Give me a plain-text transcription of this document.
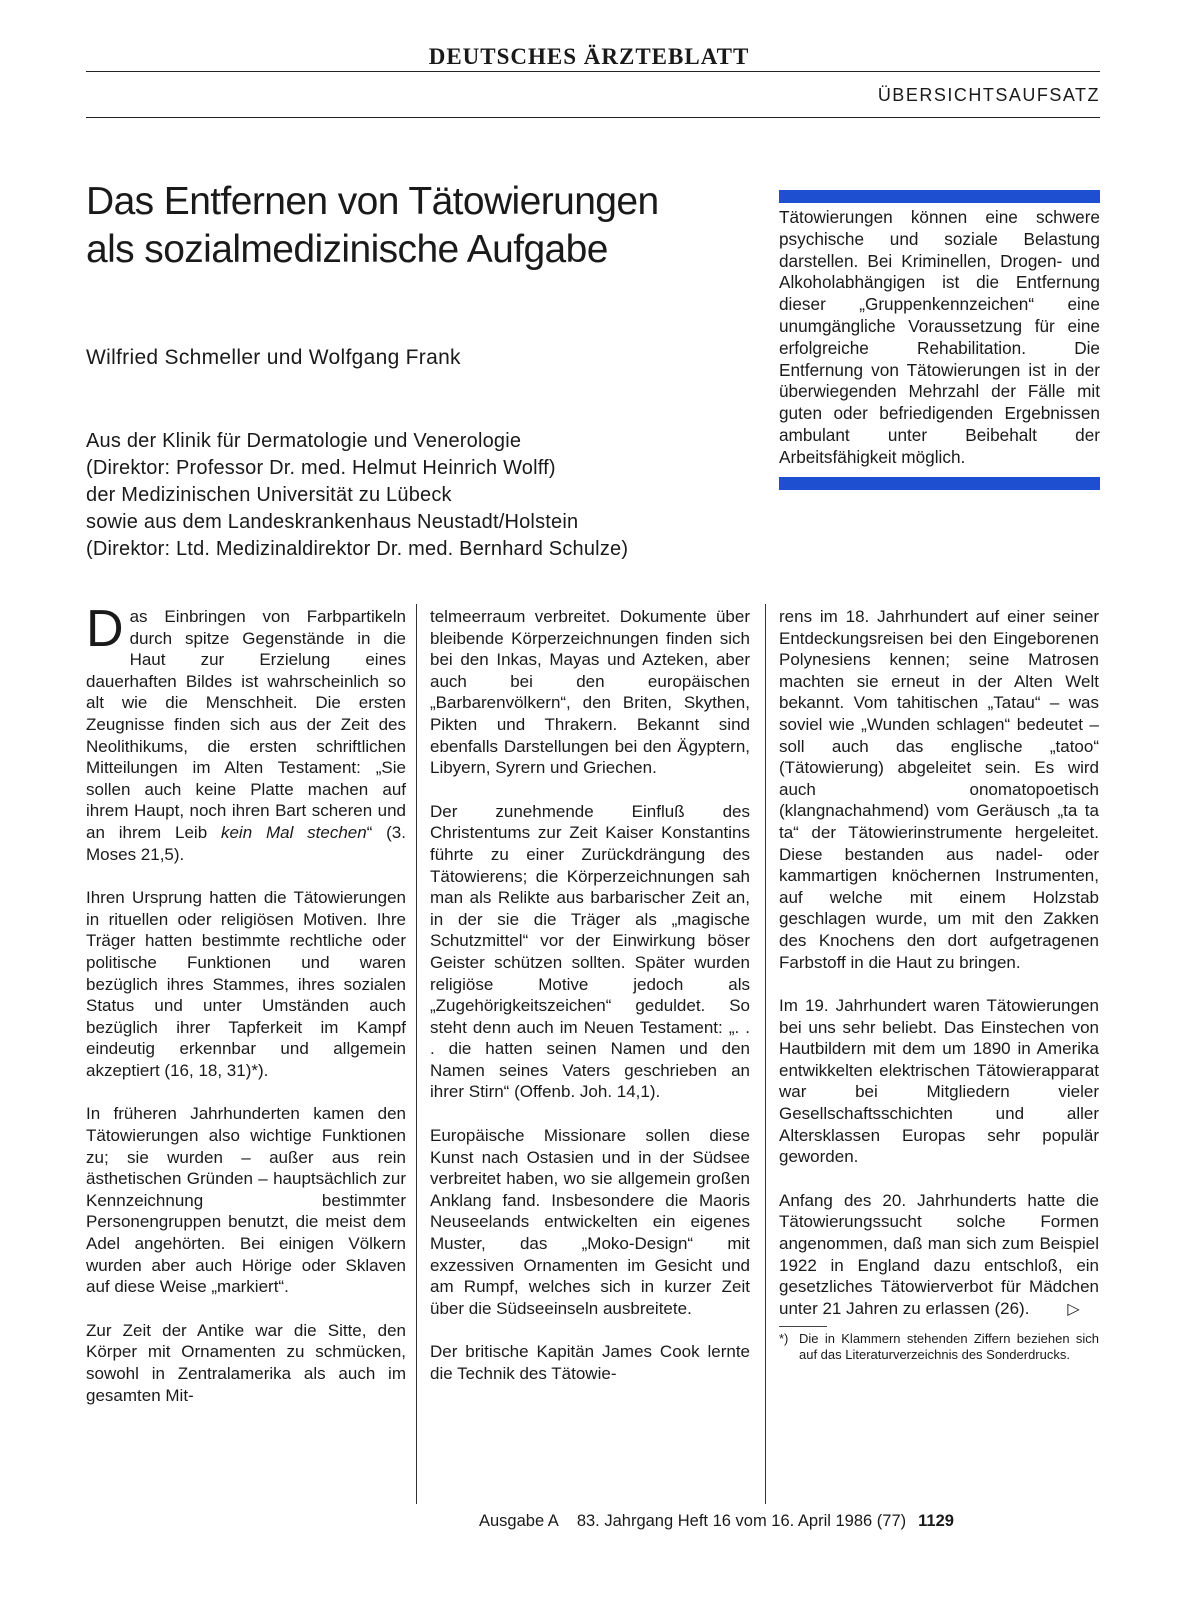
DEUTSCHES ÄRZTEBLATT
ÜBERSICHTSAUFSATZ
Das Entfernen von Tätowierungen
als sozialmedizinische Aufgabe
Wilfried Schmeller und Wolfgang Frank
Aus der Klinik für Dermatologie und Venerologie
(Direktor: Professor Dr. med. Helmut Heinrich Wolff)
der Medizinischen Universität zu Lübeck
sowie aus dem Landeskrankenhaus Neustadt/Holstein
(Direktor: Ltd. Medizinaldirektor Dr. med. Bernhard Schulze)

Tätowierungen können eine schwere psychische und soziale Belastung darstellen. Bei Kriminellen, Drogen- und Alkoholabhängigen ist die Entfernung dieser „Gruppenkennzeichen“ eine unumgängliche Voraussetzung für eine erfolgreiche Rehabilitation. Die Entfernung von Tätowierungen ist in der überwiegenden Mehrzahl der Fälle mit guten oder befriedigenden Ergebnissen ambulant unter Beibehalt der Arbeitsfähigkeit möglich.

Das Einbringen von Farbpartikeln durch spitze Gegenstände in die Haut zur Erzielung eines dauerhaften Bildes ist wahrscheinlich so alt wie die Menschheit. Die ersten Zeugnisse finden sich aus der Zeit des Neolithikums, die ersten schriftlichen Mitteilungen im Alten Testament: „Sie sollen auch keine Platte machen auf ihrem Haupt, noch ihren Bart scheren und an ihrem Leib kein Mal stechen“ (3. Moses 21,5).

Ihren Ursprung hatten die Tätowierungen in rituellen oder religiösen Motiven. Ihre Träger hatten bestimmte rechtliche oder politische Funktionen und waren bezüglich ihres Stammes, ihres sozialen Status und unter Umständen auch bezüglich ihrer Tapferkeit im Kampf eindeutig erkennbar und allgemein akzeptiert (16, 18, 31)*).

In früheren Jahrhunderten kamen den Tätowierungen also wichtige Funktionen zu; sie wurden – außer aus rein ästhetischen Gründen – hauptsächlich zur Kennzeichnung bestimmter Personengruppen benutzt, die meist dem Adel angehörten. Bei einigen Völkern wurden aber auch Hörige oder Sklaven auf diese Weise „markiert“.

Zur Zeit der Antike war die Sitte, den Körper mit Ornamenten zu schmücken, sowohl in Zentralamerika als auch im gesamten Mit-

telmeerraum verbreitet. Dokumente über bleibende Körperzeichnungen finden sich bei den Inkas, Mayas und Azteken, aber auch bei den europäischen „Barbarenvölkern“, den Briten, Skythen, Pikten und Thrakern. Bekannt sind ebenfalls Darstellungen bei den Ägyptern, Libyern, Syrern und Griechen.

Der zunehmende Einfluß des Christentums zur Zeit Kaiser Konstantins führte zu einer Zurückdrängung des Tätowierens; die Körperzeichnungen sah man als Relikte aus barbarischer Zeit an, in der sie die Träger als „magische Schutzmittel“ vor der Einwirkung böser Geister schützen sollten. Später wurden religiöse Motive jedoch als „Zugehörigkeitszeichen“ geduldet. So steht denn auch im Neuen Testament: „. . . die hatten seinen Namen und den Namen seines Vaters geschrieben an ihrer Stirn“ (Offenb. Joh. 14,1).

Europäische Missionare sollen diese Kunst nach Ostasien und in der Südsee verbreitet haben, wo sie allgemein großen Anklang fand. Insbesondere die Maoris Neuseelands entwickelten ein eigenes Muster, das „Moko-Design“ mit exzessiven Ornamenten im Gesicht und am Rumpf, welches sich in kurzer Zeit über die Südseeinseln ausbreitete.

Der britische Kapitän James Cook lernte die Technik des Tätowie-

rens im 18. Jahrhundert auf einer seiner Entdeckungsreisen bei den Eingeborenen Polynesiens kennen; seine Matrosen machten sie erneut in der Alten Welt bekannt. Vom tahitischen „Tatau“ – was soviel wie „Wunden schlagen“ bedeutet – soll auch das englische „tatoo“ (Tätowierung) abgeleitet sein. Es wird auch onomatopoetisch (klangnachahmend) vom Geräusch „ta ta ta“ der Tätowierinstrumente hergeleitet. Diese bestanden aus nadel- oder kammartigen knöchernen Instrumenten, auf welche mit einem Holzstab geschlagen wurde, um mit den Zakken des Knochens den dort aufgetragenen Farbstoff in die Haut zu bringen.

Im 19. Jahrhundert waren Tätowierungen bei uns sehr beliebt. Das Einstechen von Hautbildern mit dem um 1890 in Amerika entwikkelten elektrischen Tätowierapparat war bei Mitgliedern vieler Gesellschaftsschichten und aller Altersklassen Europas sehr populär geworden.

Anfang des 20. Jahrhunderts hatte die Tätowierungssucht solche Formen angenommen, daß man sich zum Beispiel 1922 in England dazu entschloß, ein gesetzliches Tätowierverbot für Mädchen unter 21 Jahren zu erlassen (26). ▷

*) Die in Klammern stehenden Ziffern beziehen sich auf das Literaturverzeichnis des Sonderdrucks.

Ausgabe A 83. Jahrgang Heft 16 vom 16. April 1986 (77) 1129
